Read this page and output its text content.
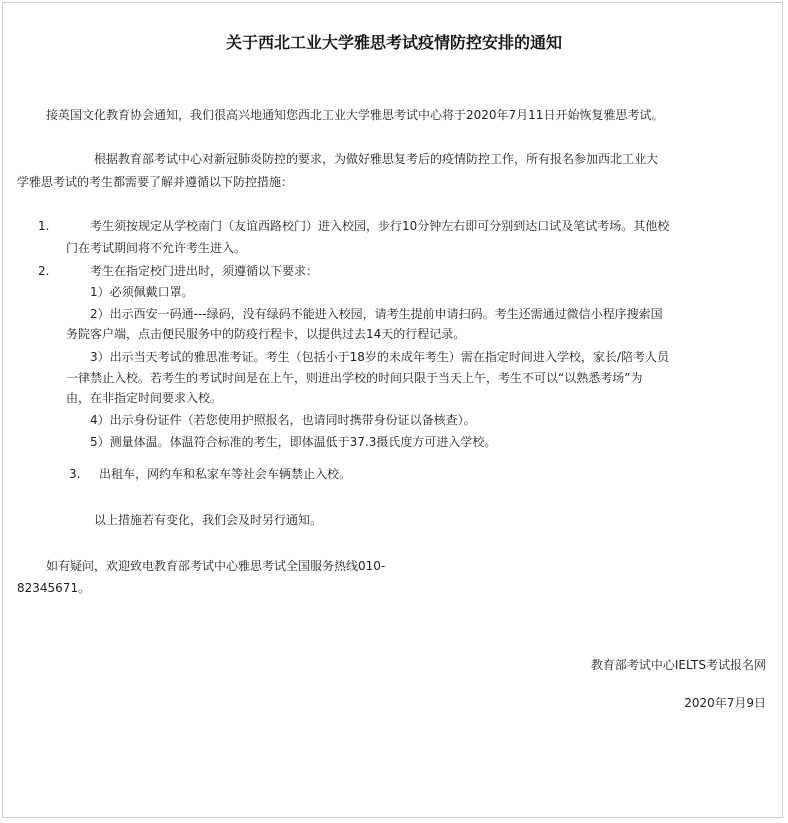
关于西北工业大学雅思考试疫情防控安排的通知
接英国文化教育协会通知，我们很高兴地通知您西北工业大学雅思考试中心将于2020年7月11日开始恢复雅思考试。
根据教育部考试中心对新冠肺炎防控的要求，为做好雅思复考后的疫情防控工作，所有报名参加西北工业大
学雅思考试的考生都需要了解并遵循以下防控措施：
1.	考生须按规定从学校南门（友谊西路校门）进入校园，步行10分钟左右即可分别到达口试及笔试考场。其他校
门在考试期间将不允许考生进入。
2.	考生在指定校门进出时，须遵循以下要求：
1）必须佩戴口罩。
2）出示西安一码通---绿码，没有绿码不能进入校园，请考生提前申请扫码。考生还需通过微信小程序搜索国
务院客户端，点击便民服务中的防疫行程卡，以提供过去14天的行程记录。
3）出示当天考试的雅思准考证。考生（包括小于18岁的未成年考生）需在指定时间进入学校，家长/陪考人员
一律禁止入校。若考生的考试时间是在上午，则进出学校的时间只限于当天上午，考生不可以“以熟悉考场”为
由，在非指定时间要求入校。
4）出示身份证件（若您使用护照报名，也请同时携带身份证以备核查）。
5）测量体温。体温符合标准的考生，即体温低于37.3摄氏度方可进入学校。
3. 出租车，网约车和私家车等社会车辆禁止入校。
以上措施若有变化，我们会及时另行通知。
如有疑问，欢迎致电教育部考试中心雅思考试全国服务热线010-
82345671。
教育部考试中心IELTS考试报名网
2020年7月9日
